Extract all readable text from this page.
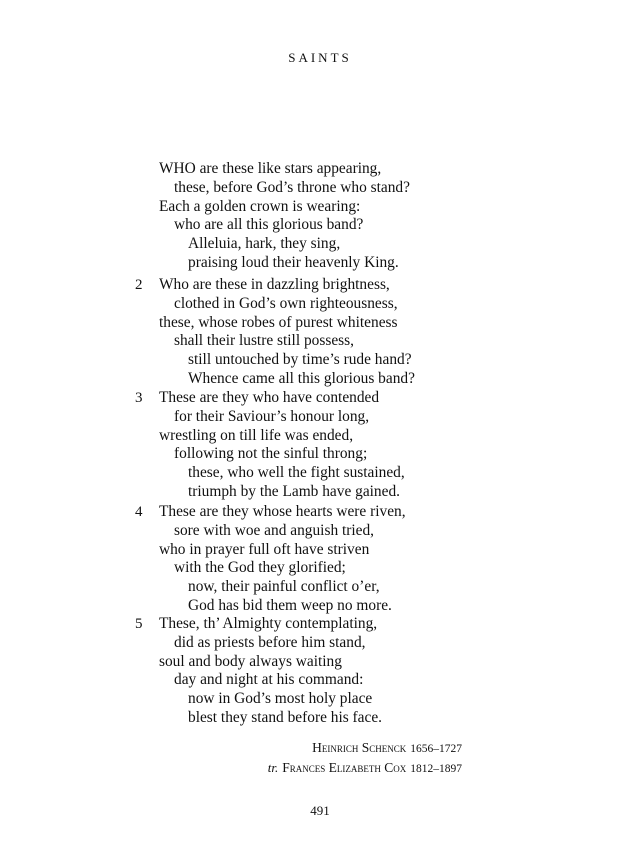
SAINTS
WHO are these like stars appearing,
these, before God’s throne who stand?
Each a golden crown is wearing:
who are all this glorious band?
Alleluia, hark, they sing,
praising loud their heavenly King.
2	Who are these in dazzling brightness,
clothed in God’s own righteousness,
these, whose robes of purest whiteness
shall their lustre still possess,
still untouched by time’s rude hand?
Whence came all this glorious band?
3	These are they who have contended
for their Saviour’s honour long,
wrestling on till life was ended,
following not the sinful throng;
these, who well the fight sustained,
triumph by the Lamb have gained.
4	These are they whose hearts were riven,
sore with woe and anguish tried,
who in prayer full oft have striven
with the God they glorified;
now, their painful conflict o’er,
God has bid them weep no more.
5	These, th’ Almighty contemplating,
did as priests before him stand,
soul and body always waiting
day and night at his command:
now in God’s most holy place
blest they stand before his face.
Heinrich Schenck 1656–1727
tr. Frances Elizabeth Cox 1812–1897
491
